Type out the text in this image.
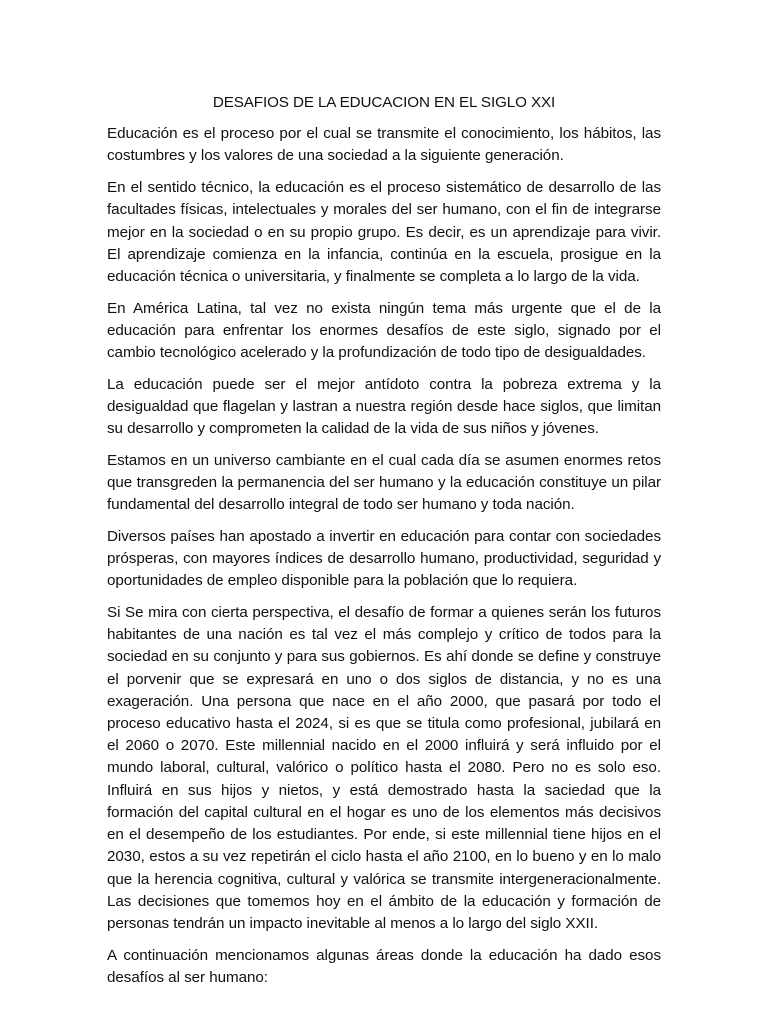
DESAFIOS DE LA EDUCACION EN EL SIGLO XXI

Educación es el proceso por el cual se transmite el conocimiento, los hábitos, las costumbres y los valores de una sociedad a la siguiente generación.

En el sentido técnico, la educación es el proceso sistemático de desarrollo de las facultades físicas, intelectuales y morales del ser humano, con el fin de integrarse mejor en la sociedad o en su propio grupo. Es decir, es un aprendizaje para vivir. El aprendizaje comienza en la infancia, continúa en la escuela, prosigue en la educación técnica o universitaria, y finalmente se completa a lo largo de la vida.

En América Latina, tal vez no exista ningún tema más urgente que el de la educación para enfrentar los enormes desafíos de este siglo, signado por el cambio tecnológico acelerado y la profundización de todo tipo de desigualdades.

La educación puede ser el mejor antídoto contra la pobreza extrema y la desigualdad que flagelan y lastran a nuestra región desde hace siglos, que limitan su desarrollo y comprometen la calidad de la vida de sus niños y jóvenes.

Estamos en un universo cambiante en el cual cada día se asumen enormes retos que transgreden la permanencia del ser humano y la educación constituye un pilar fundamental del desarrollo integral de todo ser humano y toda nación.

Diversos países han apostado a invertir en educación para contar con sociedades prósperas, con mayores índices de desarrollo humano, productividad, seguridad y oportunidades de empleo disponible para la población que lo requiera.

Si Se mira con cierta perspectiva, el desafío de formar a quienes serán los futuros habitantes de una nación es tal vez el más complejo y crítico de todos para la sociedad en su conjunto y para sus gobiernos. Es ahí donde se define y construye el porvenir que se expresará en uno o dos siglos de distancia, y no es una exageración. Una persona que nace en el año 2000, que pasará por todo el proceso educativo hasta el 2024, si es que se titula como profesional, jubilará en el 2060 o 2070. Este millennial nacido en el 2000 influirá y será influido por el mundo laboral, cultural, valórico o político hasta el 2080. Pero no es solo eso. Influirá en sus hijos y nietos, y está demostrado hasta la saciedad que la formación del capital cultural en el hogar es uno de los elementos más decisivos en el desempeño de los estudiantes. Por ende, si este millennial tiene hijos en el 2030, estos a su vez repetirán el ciclo hasta el año 2100, en lo bueno y en lo malo que la herencia cognitiva, cultural y valórica se transmite intergeneracionalmente. Las decisiones que tomemos hoy en el ámbito de la educación y formación de personas tendrán un impacto inevitable al menos a lo largo del siglo XXII.

A continuación mencionamos algunas áreas donde la educación ha dado esos desafíos al ser humano:
